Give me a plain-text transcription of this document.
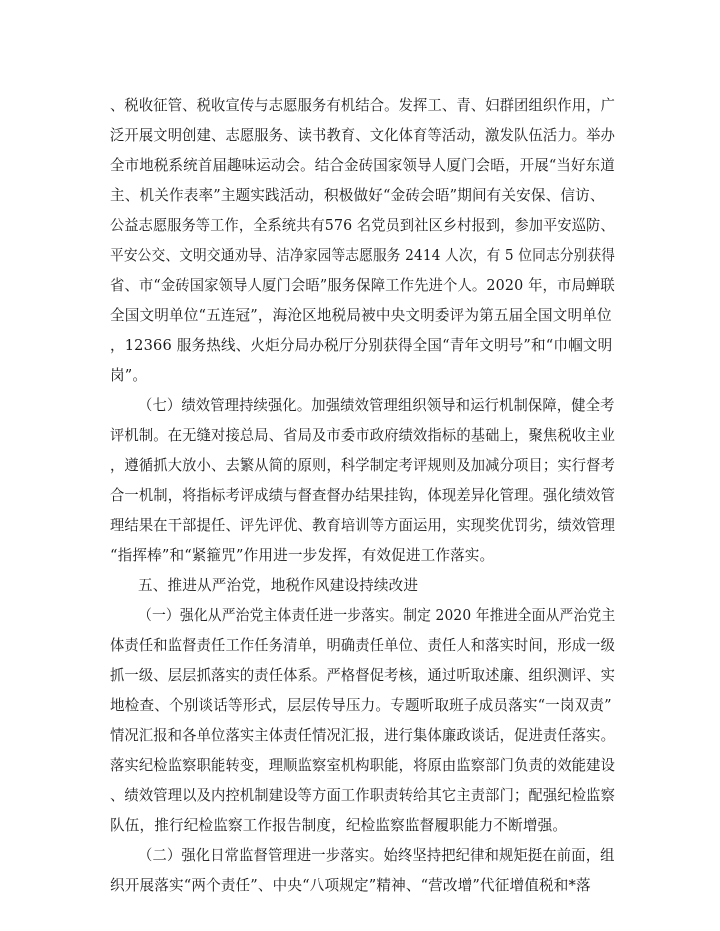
、税收征管、税收宣传与志愿服务有机结合。发挥工、青、妇群团组织作用，广
泛开展文明创建、志愿服务、读书教育、文化体育等活动，激发队伍活力。举办
全市地税系统首届趣味运动会。结合金砖国家领导人厦门会晤，开展“当好东道
主、机关作表率”主题实践活动，积极做好“金砖会晤”期间有关安保、信访、
公益志愿服务等工作，全系统共有576 名党员到社区乡村报到，参加平安巡防、
平安公交、文明交通劝导、洁净家园等志愿服务 2414 人次，有 5 位同志分别获得
省、市“金砖国家领导人厦门会晤”服务保障工作先进个人。2020 年，市局蝉联
全国文明单位“五连冠”，海沧区地税局被中央文明委评为第五届全国文明单位
，12366 服务热线、火炬分局办税厅分别获得全国“青年文明号”和“巾帼文明
岗”。
（七）绩效管理持续强化。加强绩效管理组织领导和运行机制保障，健全考
评机制。在无缝对接总局、省局及市委市政府绩效指标的基础上，聚焦税收主业
，遵循抓大放小、去繁从简的原则，科学制定考评规则及加减分项目；实行督考
合一机制，将指标考评成绩与督查督办结果挂钩，体现差异化管理。强化绩效管
理结果在干部提任、评先评优、教育培训等方面运用，实现奖优罚劣，绩效管理
“指挥棒”和“紧箍咒”作用进一步发挥，有效促进工作落实。
五、推进从严治党，地税作风建设持续改进
（一）强化从严治党主体责任进一步落实。制定 2020 年推进全面从严治党主
体责任和监督责任工作任务清单，明确责任单位、责任人和落实时间，形成一级
抓一级、层层抓落实的责任体系。严格督促考核，通过听取述廉、组织测评、实
地检查、个别谈话等形式，层层传导压力。专题听取班子成员落实“一岗双责”
情况汇报和各单位落实主体责任情况汇报，进行集体廉政谈话，促进责任落实。
落实纪检监察职能转变，理顺监察室机构职能，将原由监察部门负责的效能建设
、绩效管理以及内控机制建设等方面工作职责转给其它主责部门；配强纪检监察
队伍，推行纪检监察工作报告制度，纪检监察监督履职能力不断增强。
（二）强化日常监督管理进一步落实。始终坚持把纪律和规矩挺在前面，组
织开展落实“两个责任”、中央“八项规定”精神、“营改增”代征增值税和*落
